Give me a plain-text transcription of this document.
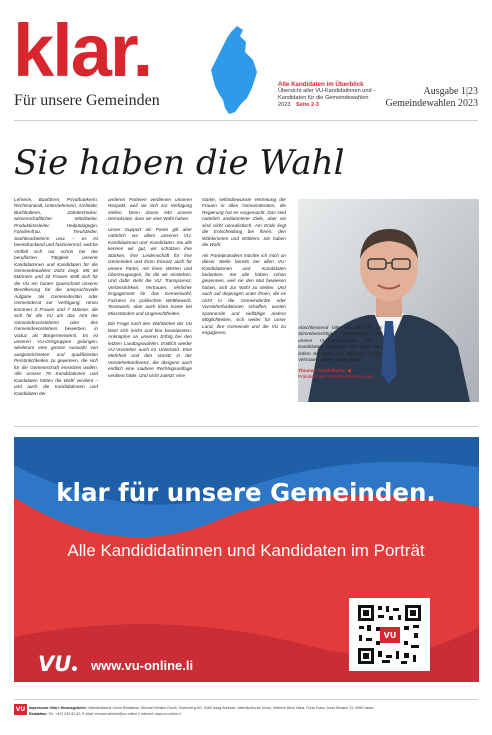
klar.
Für unsere Gemeinden
Alle Kandidaten im Überblick
Übersicht aller VU-Kandidatinnen und -Kandidaten für die Gemeindewahlen 2023 Seite 2-3
Ausgabe 1|23
Gemeindewahlen 2023
Sie haben die Wahl

Lehrerin, Bauführer, Privatbankerin, Rechtsanwalt, Unternehmerin, Architekt, Buchhalterin, Zahntechniker, wissenschaftlicher Mitarbeiter, Produktionsleiter, Heilpädagogin, Familienfrau, Treuhänder, Sachbearbeiterin usw. – es ist beeindruckend und faszinierend, welche Vielfalt sich nur schon bei der beruflichen Tätigkeit unserer Kandidatinnen und Kandidaten für die Gemeindewahlen 2023 zeigt. Mit 40 Männern und 30 Frauen stellt sich für die VU ein bunter Querschnitt unserer Bevölkerung für die anspruchsvolle Aufgabe als Gemeinderätin oder Gemeinderat zur Verfügung. Hinzu kommen 3 Frauen und 7 Männer, die sich für die VU um das Amt der Gemeindevorsteherin oder des Gemeindevorstehers bewerben, in Vaduz als Bürgermeisterin. Es ist unseren VU-Ortsgruppen gelungen, wiederum eine grosse Auswahl von ausgezeichneten und qualifizierten Persönlichkeiten zu gewinnen, die sich für die Gemeinschaft einsetzen wollen. Alle unsere 78 Kandidatinnen und Kandidaten hätten die Wahl verdient – und auch die Kandidatinnen und Kandidaten der

anderen Parteien verdienen unseren Respekt, weil sie sich zur Verfügung stellen. Denn davon lebt unsere Demokratie: dass wir eine Wahl haben.

Unser Support als Partei gilt aber natürlich vor allem unseren VU-Kandidatinnen und -Kandidaten. Sie alle kennen wir gut, wir schätzen ihre Stärken, ihre Leidenschaft für ihre Gemeinden und ihren Einsatz auch für unsere Partei, mit ihren Werten und Überzeugungen, für die wir einstehen. Und dafür steht die VU: Transparenz, Verlässlichkeit, Vertrauen, ehrlicher Engagement für das Gemeinwohl, Fairness im politischen Wettbewerb, Teamwork, aber auch klare Kante bei Missständen und Ungerechtheiten.

Die Frage nach den Wahlzielen der VU lässt sich leicht und klar beantworten: Anknüpfen an unseren Erfolg bei den letzten Landtagswahlen. Endlich wieder VU-Vorsteher auch im Unterland. Eine Mehrheit und den Vorsitz in der Vorsteherkonferenz, die übrigens auch endlich eine saubere Rechtsgrundlage verdient hätte. Und nicht zuletzt: eine

starke, selbstbewusste Vertretung der Frauen in allen Gemeinderäten, die Regierung hat es vorgemacht. Das sind natürlich ambitionierte Ziele, aber sie sind nicht unrealistisch. Am Ende liegt die Entscheidung bei Ihnen, den Wählerinnen und Wählern. Sie haben die Wahl.

Als Parteipräsident möchte ich mich an dieser Stelle bereits bei allen VU-Kandidatinnen und -Kandidaten bedanken. Sie alle haben schon gewonnen, weil sie den Mut bewiesen haben, sich zur Wahl zu stellen. Und auch auf diejenigen unter Ihnen, die es nicht in die Gemeinderäte oder Vorsteherfunktionen schaffen, warten spannende und vielfältige andere Möglichkeiten, sich weiter für unser Land, ihre Gemeinde und die VU zu engagieren.

Abschliessend bitte ich Sie alle als Stimmberechtigte: unterstützen Sie unsere VU-Kandidatinnen und -Kandidaten. Belohnen Sie ihren Mut, indem Sie ihnen Ihre Stimmen und Ihr Vertrauen geben. Vielen Dank!

Thomas Zwiefelhofer,
Präsident der Vaterländischen Union

klar für unsere Gemeinden.
Alle Kandididatinnen und Kandidaten im Porträt
VU
VU	www.vu-online.li
VU	Impressum «klar» Herausgeberin: Vaterländische Union Redaktion: Michael Winkler Druck: Gutenberg AG, 9485 Haag Adresse: Vaterländische Union, Wilhelm Beck Haus, Fürst-Franz-Josef-Strasse 13, 9490 Vaduz
Redaktion: Tel. +423 239 82 82, E-Mail: michael.winkler@vu-online.li Internet: www.vu-online.li
